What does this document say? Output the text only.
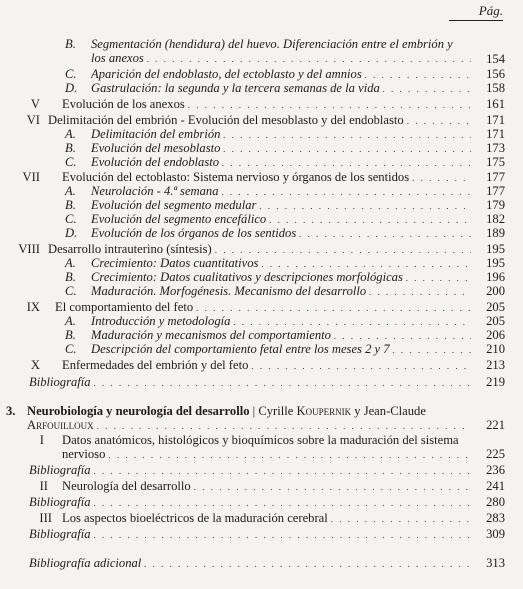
Pág.
B. Segmentación (hendidura) del huevo. Diferenciación entre el embrión y
los anexos . . .	154
C. Aparición del endoblasto, del ectoblasto y del amnios . . .	156
D. Gastrulación: la segunda y la tercera semanas de la vida . . .	158
V Evolución de los anexos . . .	161
VI Delimitación del embrión - Evolución del mesoblasto y del endoblasto . . .	171
A. Delimitación del embrión . . .	171
B. Evolución del mesoblasto . . .	173
C. Evolución del endoblasto . . .	175
VII Evolución del ectoblasto: Sistema nervioso y órganos de los sentidos . . .	177
A. Neurolación - 4.ª semana . . .	177
B. Evolución del segmento medular . . .	179
C. Evolución del segmento encefálico . . .	182
D. Evolución de los órganos de los sentidos . . .	189
VIII Desarrollo intrauterino (síntesis) . . .	195
A. Crecimiento: Datos cuantitativos . . .	195
B. Crecimiento: Datos cualitativos y descripciones morfológicas . . .	196
C. Maduración. Morfogénesis. Mecanismo del desarrollo . . .	200
IX El comportamiento del feto . . .	205
A. Introducción y metodología . . .	205
B. Maduración y mecanismos del comportamiento . . .	206
C. Descripción del comportamiento fetal entre los meses 2 y 7 . . .	210
X Enfermedades del embrión y del feto . . .	213
Bibliografía . . .	219
3. Neurobiología y neurología del desarrollo | Cyrille Koupernik y Jean-Claude
Arfouilloux . . .	221
I Datos anatómicos, histológicos y bioquímicos sobre la maduración del sistema
nervioso . . .	225
Bibliografía . . .	236
II Neurología del desarrollo . . .	241
Bibliografía . . .	280
III Los aspectos bioeléctricos de la maduración cerebral . . .	283
Bibliografía . . .	309
Bibliografía adicional . . .	313
